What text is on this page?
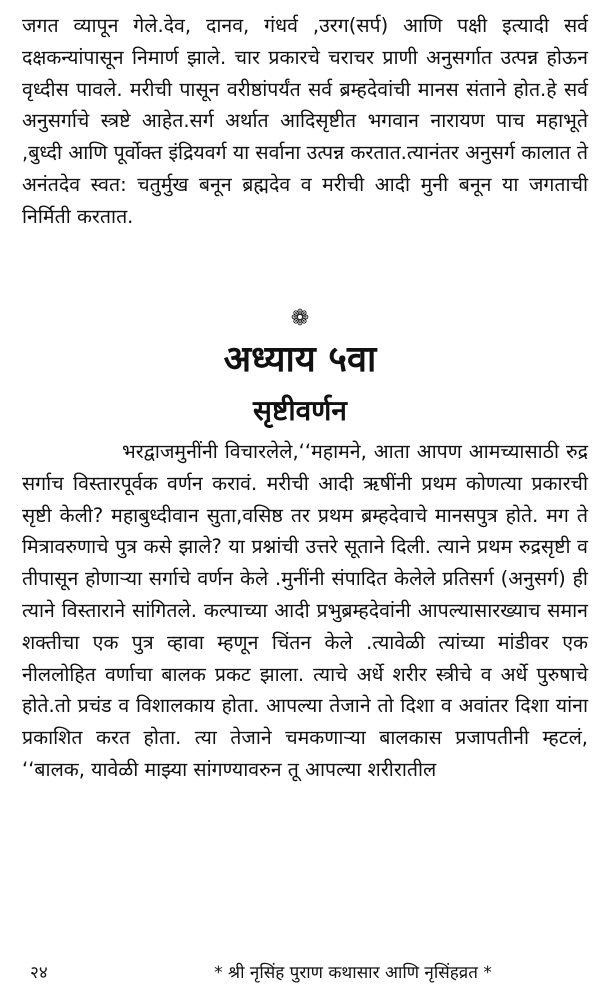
जगत व्यापून गेले.देव, दानव, गंधर्व ,उरग(सर्प) आणि पक्षी इत्यादी सर्व दक्षकन्यांपासून निमार्ण झाले. चार प्रकारचे चराचर प्राणी अनुसर्गात उत्पन्न होऊन वृध्दीस पावले. मरीची पासून वरीष्ठांपर्यंत सर्व ब्रम्हदेवांची मानस संताने होत.हे सर्व अनुसर्गाचे स्त्रष्टे आहेत.सर्ग अर्थात आदिसृष्टीत भगवान नारायण पाच महाभूते ,बुध्दी आणि पूर्वोक्त इंद्रियवर्ग या सर्वाना उत्पन्न करतात.त्यानंतर अनुसर्ग कालात ते अनंतदेव स्वत: चतुर्मुख बनून ब्रह्मदेव व मरीची आदी मुनी बनून या जगताची निर्मिती करतात.
❁
अध्याय ५वा
सृष्टीवर्णन
भरद्वाजमुनींनी विचारलेले,‘‘महामने, आता आपण आमच्यासाठी रुद्र सर्गाच विस्तारपूर्वक वर्णन करावं. मरीची आदी ऋषींनी प्रथम कोणत्या प्रकारची सृष्टी केली? महाबुध्दीवान सुता,वसिष्ठ तर प्रथम ब्रम्हदेवाचे मानसपुत्र होते. मग ते मित्रावरुणाचे पुत्र कसे झाले? या प्रश्नांची उत्तरे सूताने दिली. त्याने प्रथम रुद्रसृष्टी व तीपासून होणाऱ्या सर्गाचे वर्णन केले .मुनींनी संपादित केलेले प्रतिसर्ग (अनुसर्ग) ही त्याने विस्ताराने सांगितले. कल्पाच्या आदी प्रभुब्रम्हदेवांनी आपल्यासारख्याच समान शक्तीचा एक पुत्र व्हावा म्हणून चिंतन केले .त्यावेळी त्यांच्या मांडीवर एक नीललोहित वर्णाचा बालक प्रकट झाला. त्याचे अर्धे शरीर स्त्रीचे व अर्धे पुरुषाचे होते.तो प्रचंड व विशालकाय होता. आपल्या तेजाने तो दिशा व अवांतर दिशा यांना प्रकाशित करत होता. त्या तेजाने चमकणाऱ्या बालकास प्रजापतीनी म्हटलं, ‘‘बालक, यावेळी माझ्या सांगण्यावरुन तू आपल्या शरीरातील
२४	* श्री नृसिंह पुराण कथासार आणि नृसिंहव्रत *
